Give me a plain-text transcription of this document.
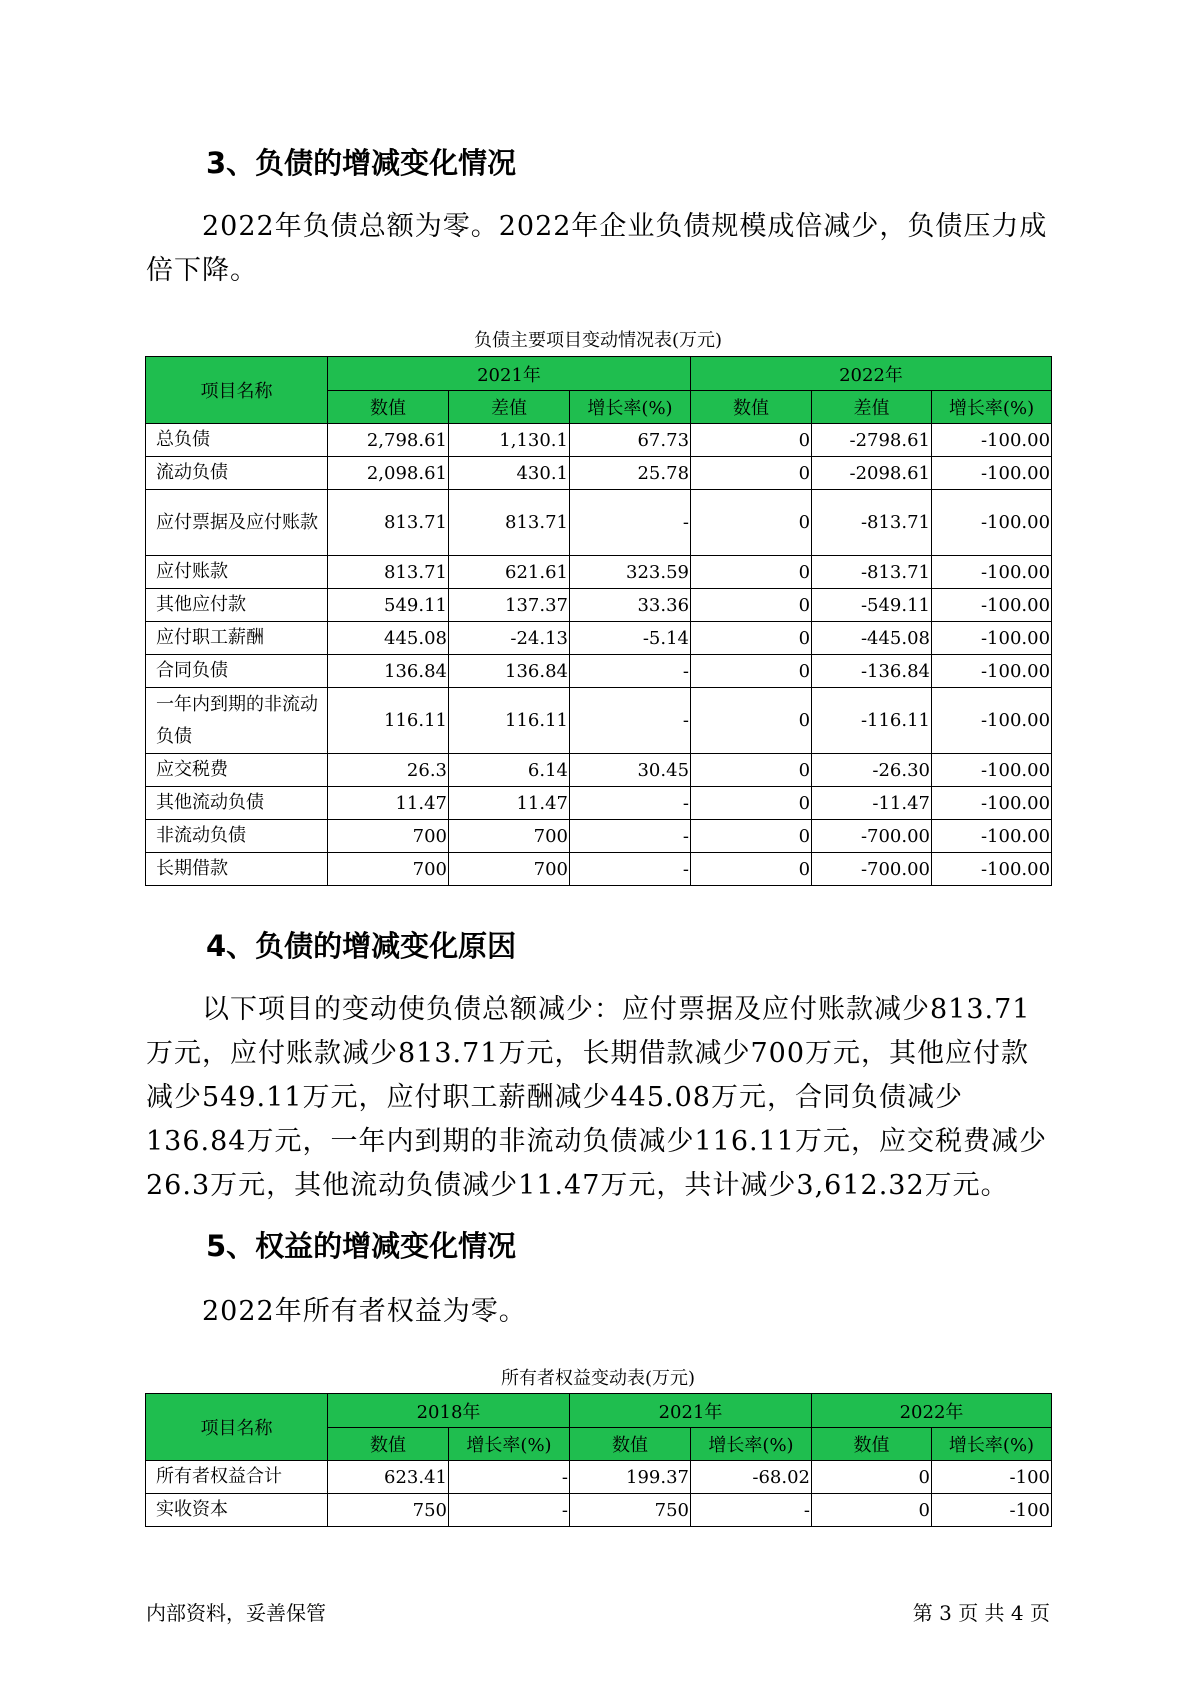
3、负债的增减变化情况
2022年负债总额为零。2022年企业负债规模成倍减少，负债压力成倍下降。
负债主要项目变动情况表(万元)
项目名称	2021年			2022年		
	数值	差值	增长率(%)	数值	差值	增长率(%)
总负债	2,798.61	1,130.1	67.73	0	-2798.61	-100.00
流动负债	2,098.61	430.1	25.78	0	-2098.61	-100.00
应付票据及应付账款	813.71	813.71	-	0	-813.71	-100.00
应付账款	813.71	621.61	323.59	0	-813.71	-100.00
其他应付款	549.11	137.37	33.36	0	-549.11	-100.00
应付职工薪酬	445.08	-24.13	-5.14	0	-445.08	-100.00
合同负债	136.84	136.84	-	0	-136.84	-100.00
一年内到期的非流动负债	116.11	116.11	-	0	-116.11	-100.00
应交税费	26.3	6.14	30.45	0	-26.30	-100.00
其他流动负债	11.47	11.47	-	0	-11.47	-100.00
非流动负债	700	700	-	0	-700.00	-100.00
长期借款	700	700	-	0	-700.00	-100.00
4、负债的增减变化原因
以下项目的变动使负债总额减少：应付票据及应付账款减少813.71万元，应付账款减少813.71万元，长期借款减少700万元，其他应付款减少549.11万元，应付职工薪酬减少445.08万元，合同负债减少136.84万元，一年内到期的非流动负债减少116.11万元，应交税费减少26.3万元，其他流动负债减少11.47万元，共计减少3,612.32万元。
5、权益的增减变化情况
2022年所有者权益为零。
所有者权益变动表(万元)
项目名称	2018年		2021年		2022年	
	数值	增长率(%)	数值	增长率(%)	数值	增长率(%)
所有者权益合计	623.41	-	199.37	-68.02	0	-100
实收资本	750	-	750	-	0	-100
内部资料，妥善保管	第 3 页 共 4 页
